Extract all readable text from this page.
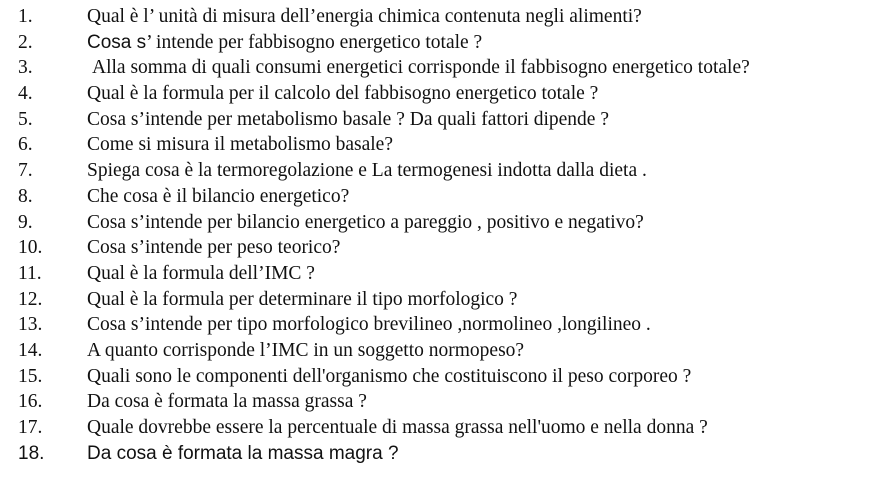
1.	Qual è l’ unità di misura dell’energia chimica contenuta negli alimenti?
2.	Cosa s’ intende per fabbisogno energetico totale ?
3.	Alla somma di quali consumi energetici corrisponde il fabbisogno energetico totale?
4.	Qual è la formula per il calcolo del fabbisogno energetico totale ?
5.	Cosa s’intende per metabolismo basale ? Da quali fattori dipende ?
6.	Come si misura il metabolismo basale?
7.	Spiega cosa è la termoregolazione e La termogenesi indotta dalla dieta .
8.	Che cosa è il bilancio energetico?
9.	Cosa s’intende per bilancio energetico a pareggio , positivo e negativo?
10. Cosa s’intende per peso teorico?
11. Qual è la formula dell’IMC ?
12. Qual è la formula per determinare il tipo morfologico ?
13. Cosa s’intende per tipo morfologico brevilineo ,normolineo ,longilineo .
14. A quanto corrisponde l’IMC in un soggetto normopeso?
15. Quali sono le componenti dell'organismo che costituiscono il peso corporeo ?
16. Da cosa è formata la massa grassa ?
17. Quale dovrebbe essere la percentuale di massa grassa nell'uomo e nella donna ?
18. Da cosa è formata la massa magra ?
